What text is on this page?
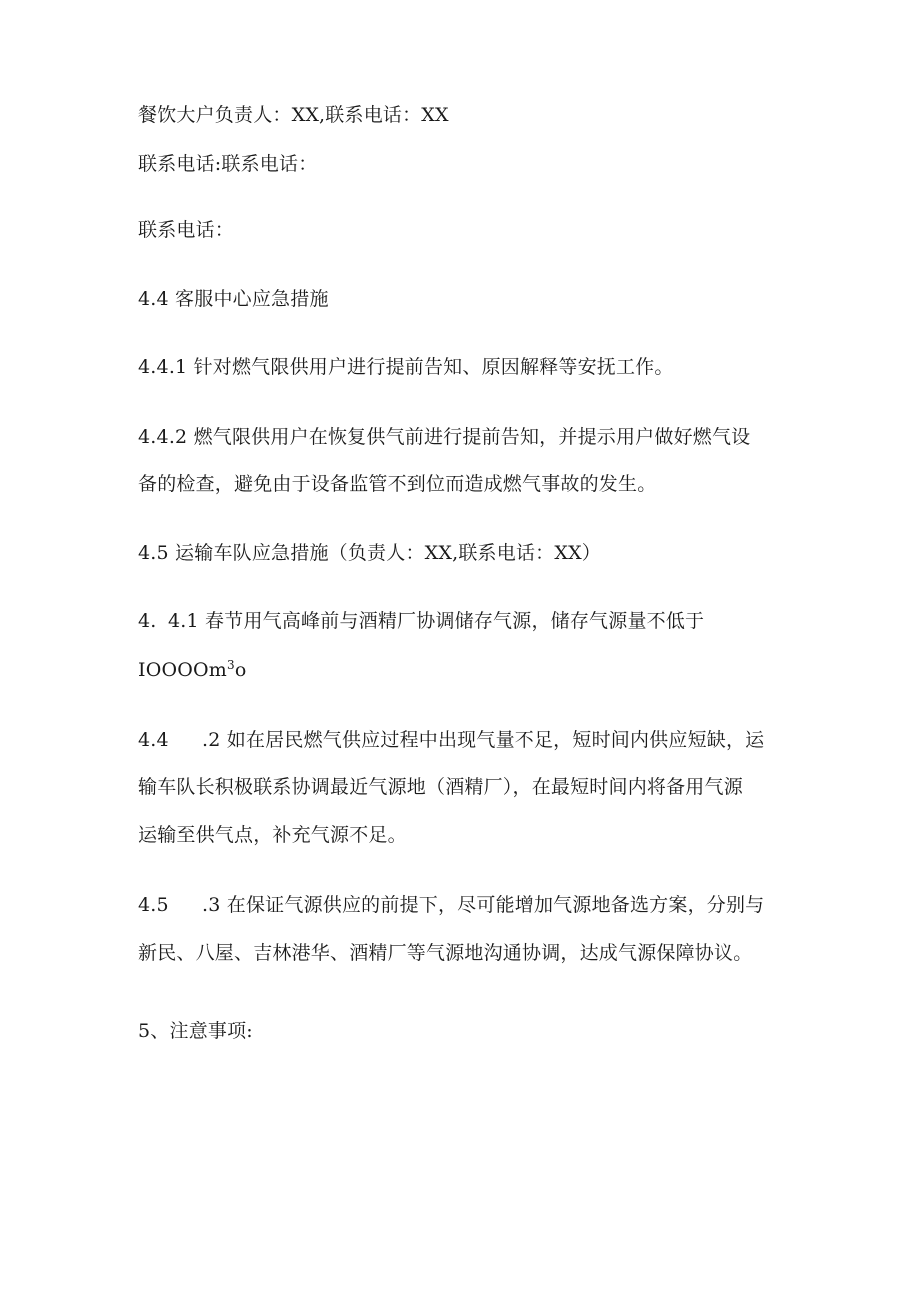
餐饮大户负责人：XX,联系电话：XX
联系电话:联系电话：
联系电话：
4.4 客服中心应急措施
4.4.1 针对燃气限供用户进行提前告知、原因解释等安抚工作。
4.4.2 燃气限供用户在恢复供气前进行提前告知，并提示用户做好燃气设
备的检查，避免由于设备监管不到位而造成燃气事故的发生。
4.5 运输车队应急措施（负责人：XX,联系电话：XX）
4. 4.1 春节用气高峰前与酒精厂协调储存气源，储存气源量不低于
IOOOOm$^3$o
4.4 .2 如在居民燃气供应过程中出现气量不足，短时间内供应短缺，运
输车队长积极联系协调最近气源地（酒精厂），在最短时间内将备用气源
运输至供气点，补充气源不足。
4.5 .3 在保证气源供应的前提下，尽可能增加气源地备选方案，分别与
新民、八屋、吉林港华、酒精厂等气源地沟通协调，达成气源保障协议。
5、注意事项:
